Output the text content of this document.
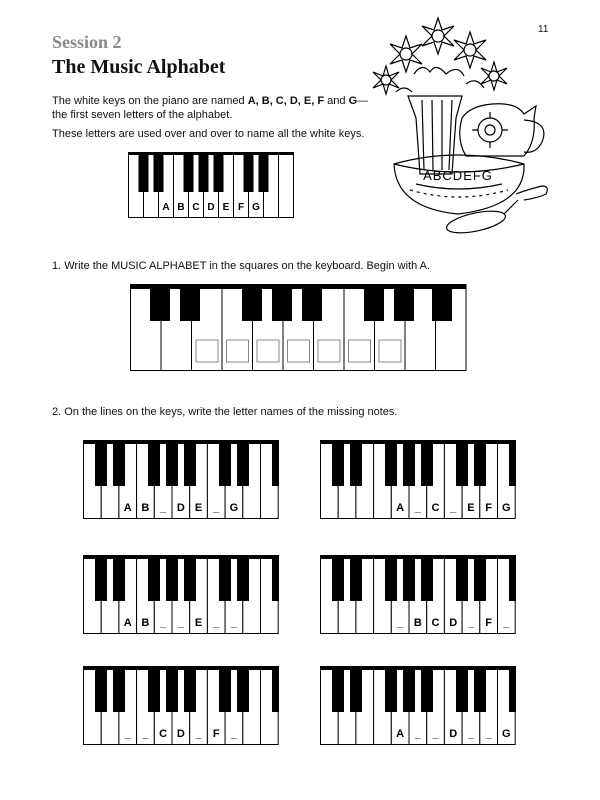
11
Session 2
The Music Alphabet

The white keys on the piano are named A, B, C, D, E, F and G— the first seven letters of the alphabet.

These letters are used over and over to name all the white keys.

A B C D E F G
ABCDEFG

1. Write the MUSIC ALPHABET in the squares on the keyboard. Begin with A.

2. On the lines on the keys, write the letter names of the missing notes.

A B _ D E _ G	A _ C _ E F G
A B _ _ E _ _	_ B C D _ F _
_ _ C D _ F _	A _ _ D _ _ G
